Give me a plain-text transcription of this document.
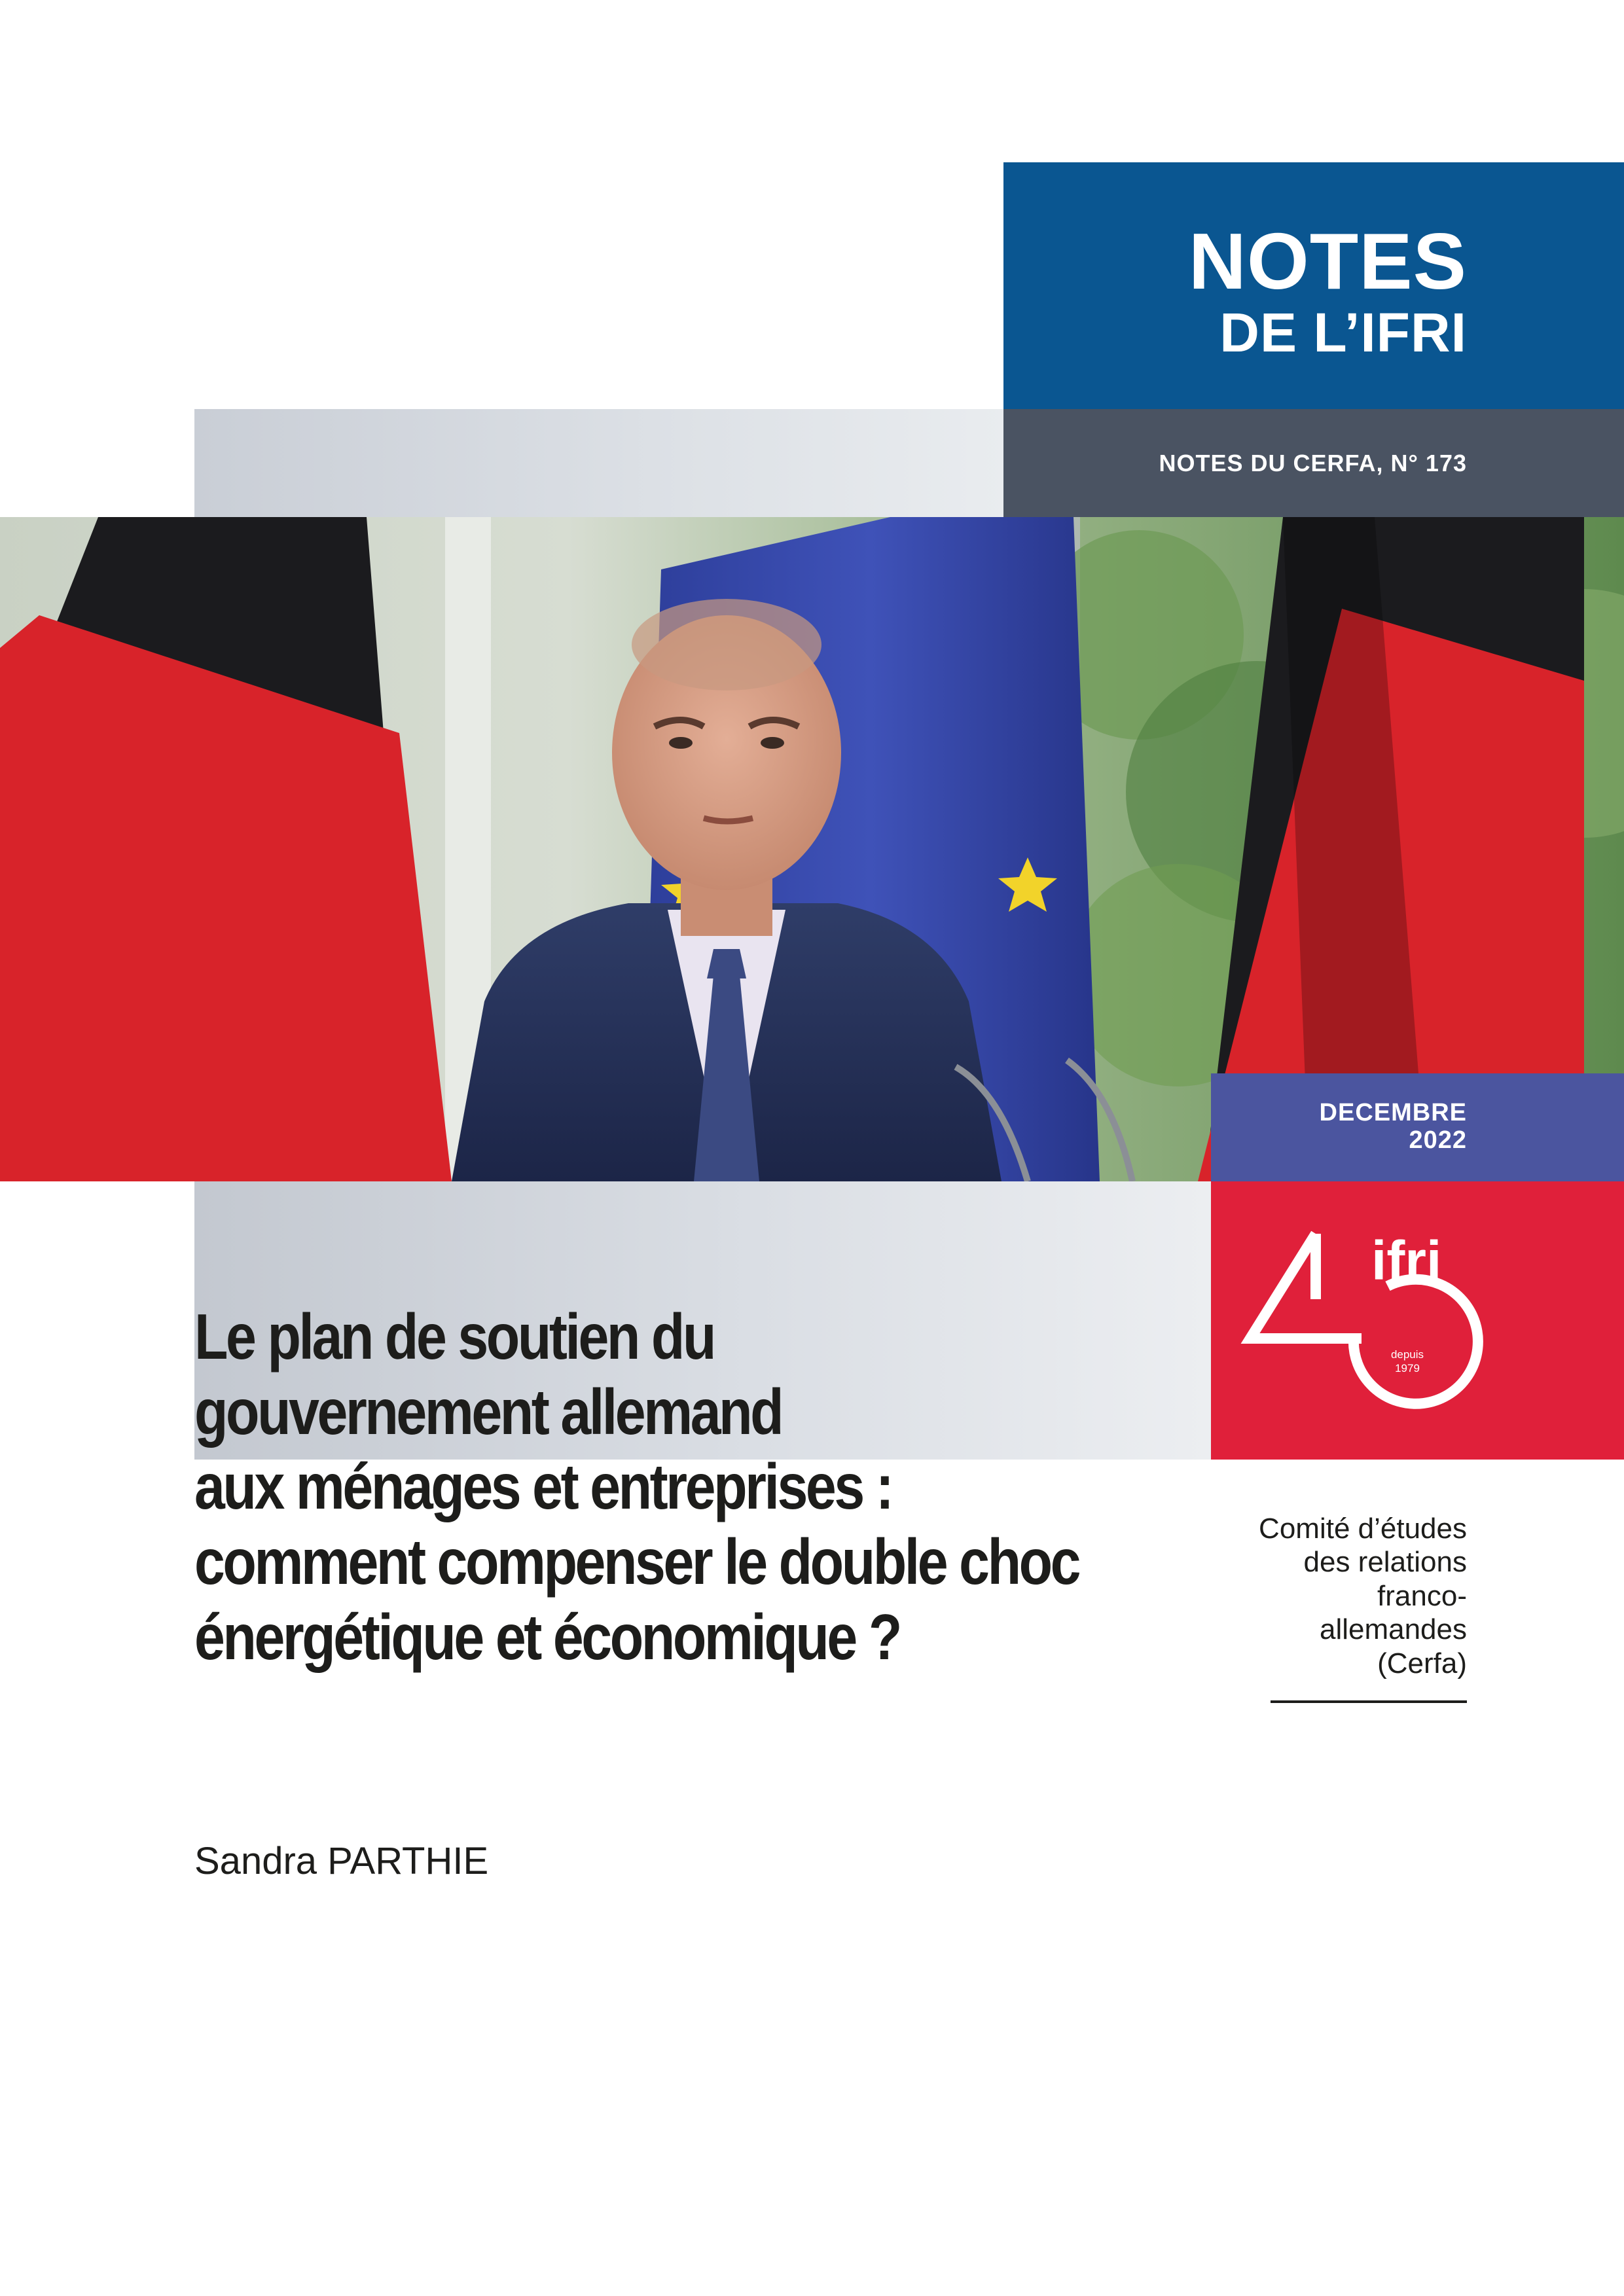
NOTES
DE L’IFRI
NOTES DU CERFA, N° 173
DECEMBRE
2022
ifri
depuis
1979
Le plan de soutien du
gouvernement allemand
aux ménages et entreprises :
comment compenser le double choc
énergétique et économique ?
Comité d’études
des relations
franco-
allemandes
(Cerfa)
Sandra PARTHIE
